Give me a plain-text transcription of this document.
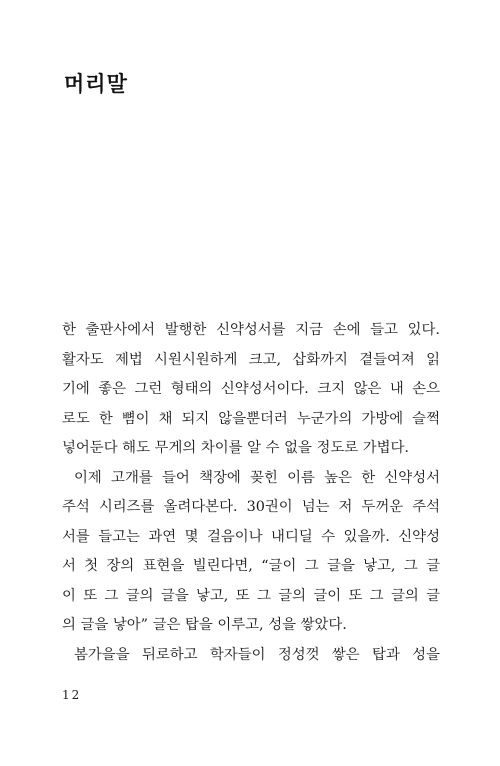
머리말
한 출판사에서 발행한 신약성서를 지금 손에 들고 있다.
활자도 제법 시원시원하게 크고, 삽화까지 곁들여져 읽
기에 좋은 그런 형태의 신약성서이다. 크지 않은 내 손으
로도 한 뼘이 채 되지 않을뿐더러 누군가의 가방에 슬쩍
넣어둔다 해도 무게의 차이를 알 수 없을 정도로 가볍다.
이제 고개를 들어 책장에 꽂힌 이름 높은 한 신약성서
주석 시리즈를 올려다본다. 30권이 넘는 저 두꺼운 주석
서를 들고는 과연 몇 걸음이나 내디딜 수 있을까. 신약성
서 첫 장의 표현을 빌린다면, “글이 그 글을 낳고, 그 글
이 또 그 글의 글을 낳고, 또 그 글의 글이 또 그 글의 글
의 글을 낳아” 글은 탑을 이루고, 성을 쌓았다.
봄가을을 뒤로하고 학자들이 정성껏 쌓은 탑과 성을
12
